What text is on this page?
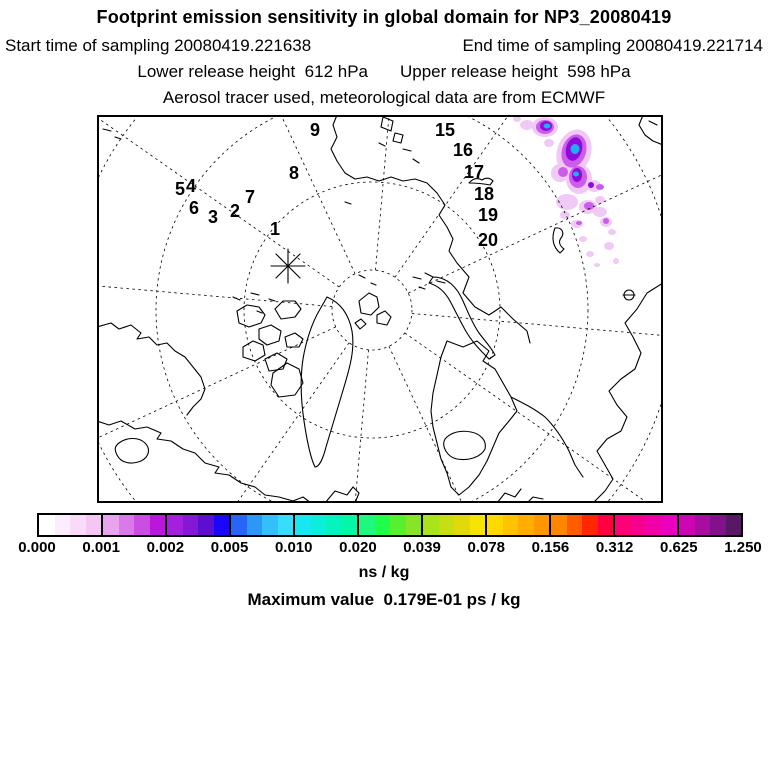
Footprint emission sensitivity in global domain for NP3_20080419
Start time of sampling 20080419.221638	End time of sampling 20080419.221714
Lower release height  612 hPa Upper release height  598 hPa
Aerosol tracer used, meteorological data are from ECMWF
1
2
3
4
5
6
7
8
9	15
16
17
18
19
20
0.000	0.001	0.002	0.005	0.010	0.020	0.039	0.078	0.156	0.312	0.625	1.250
ns / kg
Maximum value  0.179E-01 ps / kg
